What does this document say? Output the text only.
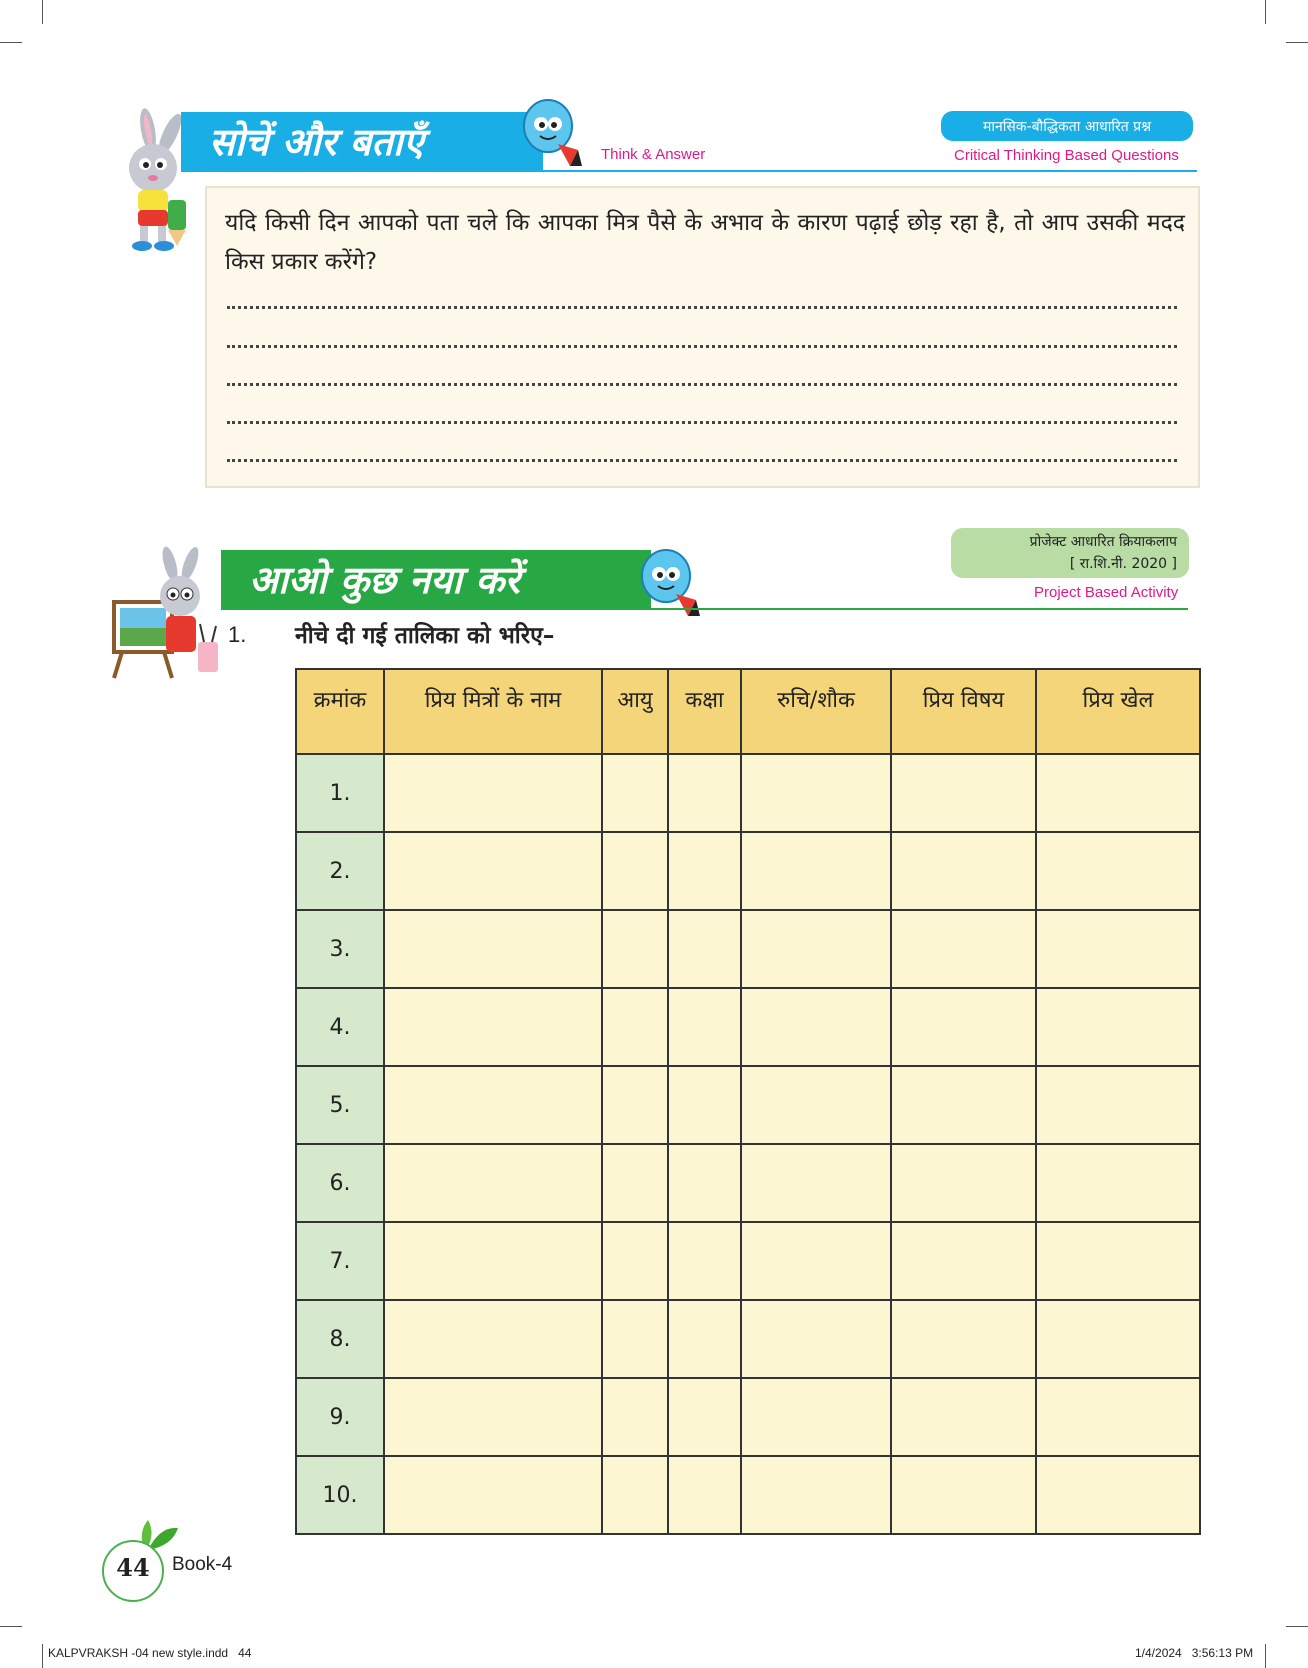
सोचें और बताएँ	Think & Answer
मानसिक-बौद्धिकता आधारित प्रश्न
Critical Thinking Based Questions
यदि किसी दिन आपको पता चले कि आपका मित्र पैसे के अभाव के कारण पढ़ाई छोड़ रहा है, तो आप उसकी मदद किस प्रकार करेंगे?
आओ कुछ नया करें
प्रोजेक्ट आधारित क्रियाकलाप
[ रा.शि.नी. 2020 ]
Project Based Activity
1. नीचे दी गई तालिका को भरिए–
क्रमांक	प्रिय मित्रों के नाम	आयु	कक्षा	रुचि/शौक	प्रिय विषय	प्रिय खेल
1.						
2.						
3.						
4.						
5.						
6.						
7.						
8.						
9.						
10.						
44	Book-4
KALPVRAKSH -04 new style.indd   44	1/4/2024   3:56:13 PM
